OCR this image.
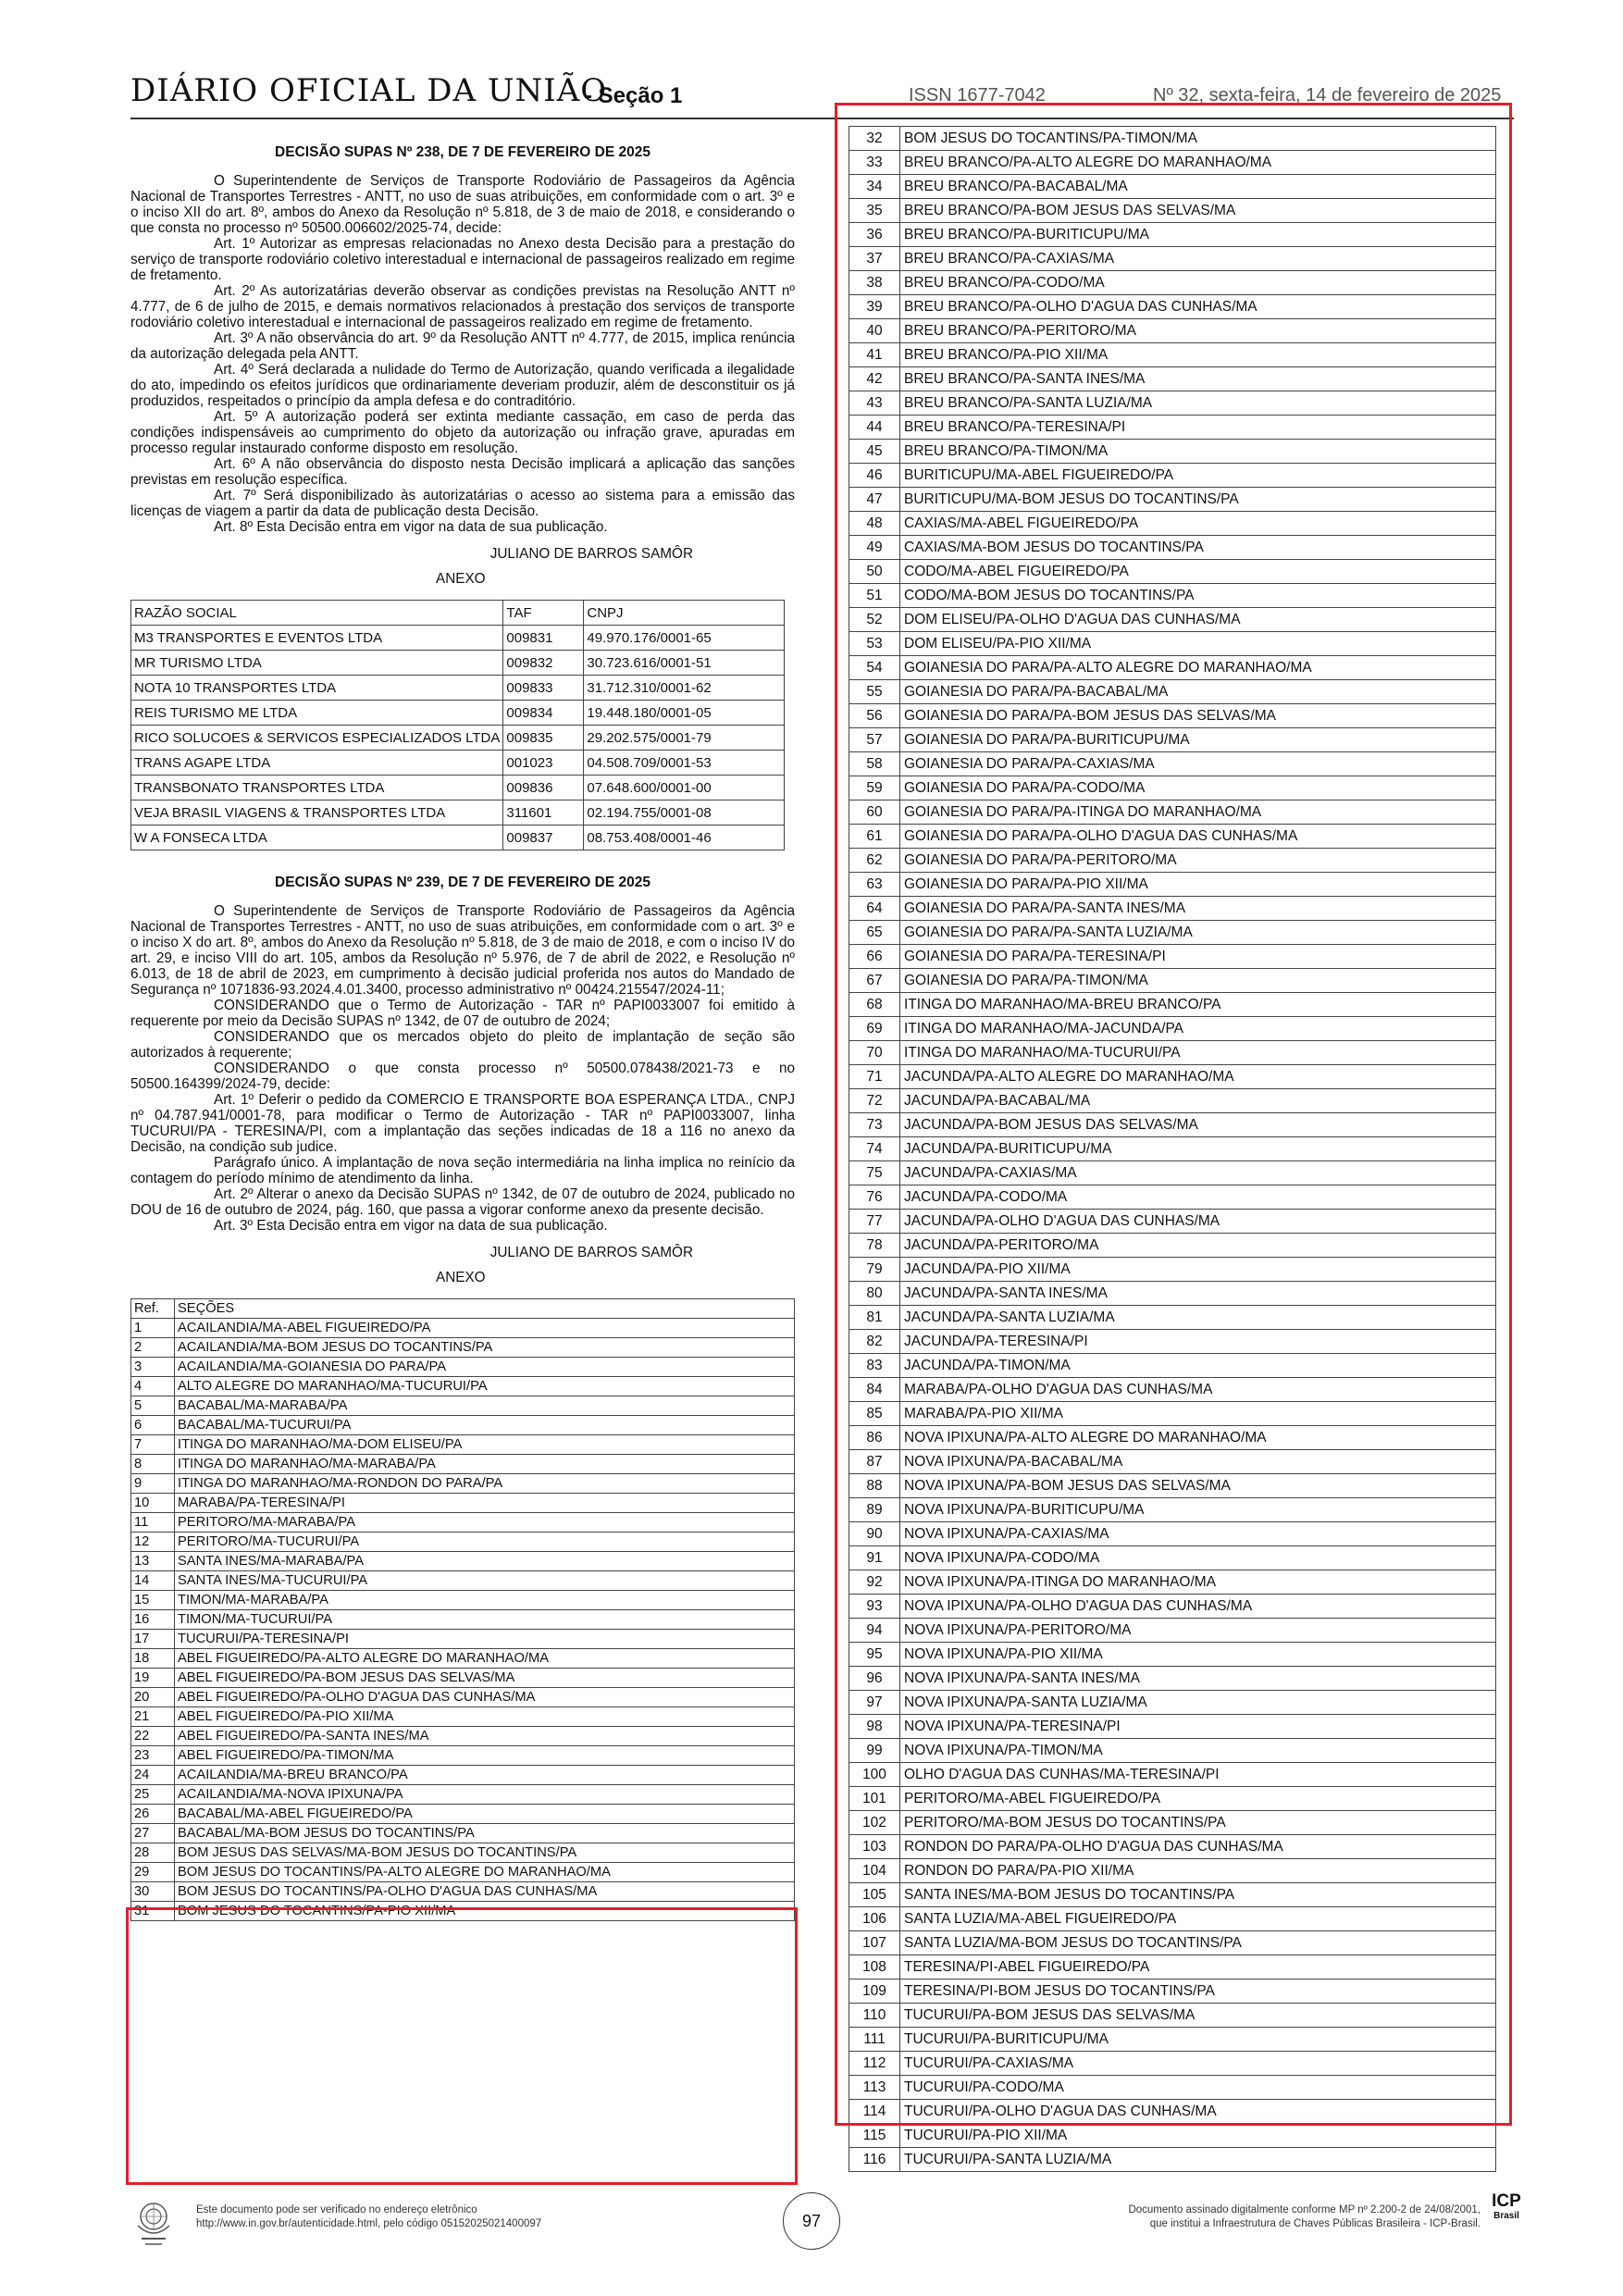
DIÁRIO OFICIAL DA UNIÃO
- Seção 1	ISSN 1677-7042	Nº 32, sexta-feira, 14 de fevereiro de 2025
DECISÃO SUPAS Nº 238, DE 7 DE FEVEREIRO DE 2025

O Superintendente de Serviços de Transporte Rodoviário de Passageiros da Agência Nacional de Transportes Terrestres - ANTT, no uso de suas atribuições, em conformidade com o art. 3º e o inciso XII do art. 8º, ambos do Anexo da Resolução nº 5.818, de 3 de maio de 2018, e considerando o que consta no processo nº 50500.006602/2025-74, decide:

Art. 1º Autorizar as empresas relacionadas no Anexo desta Decisão para a prestação do serviço de transporte rodoviário coletivo interestadual e internacional de passageiros realizado em regime de fretamento.

Art. 2º As autorizatárias deverão observar as condições previstas na Resolução ANTT nº 4.777, de 6 de julho de 2015, e demais normativos relacionados à prestação dos serviços de transporte rodoviário coletivo interestadual e internacional de passageiros realizado em regime de fretamento.

Art. 3º A não observância do art. 9º da Resolução ANTT nº 4.777, de 2015, implica renúncia da autorização delegada pela ANTT.

Art. 4º Será declarada a nulidade do Termo de Autorização, quando verificada a ilegalidade do ato, impedindo os efeitos jurídicos que ordinariamente deveriam produzir, além de desconstituir os já produzidos, respeitados o princípio da ampla defesa e do contraditório.

Art. 5º A autorização poderá ser extinta mediante cassação, em caso de perda das condições indispensáveis ao cumprimento do objeto da autorização ou infração grave, apuradas em processo regular instaurado conforme disposto em resolução.

Art. 6º A não observância do disposto nesta Decisão implicará a aplicação das sanções previstas em resolução específica.

Art. 7º Será disponibilizado às autorizatárias o acesso ao sistema para a emissão das licenças de viagem a partir da data de publicação desta Decisão.

Art. 8º Esta Decisão entra em vigor na data de sua publicação.

JULIANO DE BARROS SAMÔR
ANEXO
RAZÃO SOCIAL	TAF	CNPJ
M3 TRANSPORTES E EVENTOS LTDA	009831	49.970.176/0001-65
MR TURISMO LTDA	009832	30.723.616/0001-51
NOTA 10 TRANSPORTES LTDA	009833	31.712.310/0001-62
REIS TURISMO ME LTDA	009834	19.448.180/0001-05
RICO SOLUCOES & SERVICOS ESPECIALIZADOS LTDA	009835	29.202.575/0001-79
TRANS AGAPE LTDA	001023	04.508.709/0001-53
TRANSBONATO TRANSPORTES LTDA	009836	07.648.600/0001-00
VEJA BRASIL VIAGENS & TRANSPORTES LTDA	311601	02.194.755/0001-08
W A FONSECA LTDA	009837	08.753.408/0001-46
DECISÃO SUPAS Nº 239, DE 7 DE FEVEREIRO DE 2025

O Superintendente de Serviços de Transporte Rodoviário de Passageiros da Agência Nacional de Transportes Terrestres - ANTT, no uso de suas atribuições, em conformidade com o art. 3º e o inciso X do art. 8º, ambos do Anexo da Resolução nº 5.818, de 3 de maio de 2018, e com o inciso IV do art. 29, e inciso VIII do art. 105, ambos da Resolução nº 5.976, de 7 de abril de 2022, e Resolução nº 6.013, de 18 de abril de 2023, em cumprimento à decisão judicial proferida nos autos do Mandado de Segurança nº 1071836-93.2024.4.01.3400, processo administrativo nº 00424.215547/2024-11;

CONSIDERANDO que o Termo de Autorização - TAR nº PAPI0033007 foi emitido à requerente por meio da Decisão SUPAS nº 1342, de 07 de outubro de 2024;

CONSIDERANDO que os mercados objeto do pleito de implantação de seção são autorizados à requerente;

CONSIDERANDO o que consta processo nº 50500.078438/2021-73 e no 50500.164399/2024-79, decide:

Art. 1º Deferir o pedido da COMERCIO E TRANSPORTE BOA ESPERANÇA LTDA., CNPJ nº 04.787.941/0001-78, para modificar o Termo de Autorização - TAR nº PAPI0033007, linha TUCURUI/PA - TERESINA/PI, com a implantação das seções indicadas de 18 a 116 no anexo da Decisão, na condição sub judice.

Parágrafo único. A implantação de nova seção intermediária na linha implica no reinício da contagem do período mínimo de atendimento da linha.

Art. 2º Alterar o anexo da Decisão SUPAS nº 1342, de 07 de outubro de 2024, publicado no DOU de 16 de outubro de 2024, pág. 160, que passa a vigorar conforme anexo da presente decisão.

Art. 3º Esta Decisão entra em vigor na data de sua publicação.

JULIANO DE BARROS SAMÔR
ANEXO
Ref.	SEÇÕES
1	ACAILANDIA/MA-ABEL FIGUEIREDO/PA
2	ACAILANDIA/MA-BOM JESUS DO TOCANTINS/PA
3	ACAILANDIA/MA-GOIANESIA DO PARA/PA
4	ALTO ALEGRE DO MARANHAO/MA-TUCURUI/PA
5	BACABAL/MA-MARABA/PA
6	BACABAL/MA-TUCURUI/PA
7	ITINGA DO MARANHAO/MA-DOM ELISEU/PA
8	ITINGA DO MARANHAO/MA-MARABA/PA
9	ITINGA DO MARANHAO/MA-RONDON DO PARA/PA
10	MARABA/PA-TERESINA/PI
11	PERITORO/MA-MARABA/PA
12	PERITORO/MA-TUCURUI/PA
13	SANTA INES/MA-MARABA/PA
14	SANTA INES/MA-TUCURUI/PA
15	TIMON/MA-MARABA/PA
16	TIMON/MA-TUCURUI/PA
17	TUCURUI/PA-TERESINA/PI
18	ABEL FIGUEIREDO/PA-ALTO ALEGRE DO MARANHAO/MA
19	ABEL FIGUEIREDO/PA-BOM JESUS DAS SELVAS/MA
20	ABEL FIGUEIREDO/PA-OLHO D'AGUA DAS CUNHAS/MA
21	ABEL FIGUEIREDO/PA-PIO XII/MA
22	ABEL FIGUEIREDO/PA-SANTA INES/MA
23	ABEL FIGUEIREDO/PA-TIMON/MA
24	ACAILANDIA/MA-BREU BRANCO/PA
25	ACAILANDIA/MA-NOVA IPIXUNA/PA
26	BACABAL/MA-ABEL FIGUEIREDO/PA
27	BACABAL/MA-BOM JESUS DO TOCANTINS/PA
28	BOM JESUS DAS SELVAS/MA-BOM JESUS DO TOCANTINS/PA
29	BOM JESUS DO TOCANTINS/PA-ALTO ALEGRE DO MARANHAO/MA
30	BOM JESUS DO TOCANTINS/PA-OLHO D'AGUA DAS CUNHAS/MA
31	BOM JESUS DO TOCANTINS/PA-PIO XII/MA
32	BOM JESUS DO TOCANTINS/PA-TIMON/MA
33	BREU BRANCO/PA-ALTO ALEGRE DO MARANHAO/MA
34	BREU BRANCO/PA-BACABAL/MA
35	BREU BRANCO/PA-BOM JESUS DAS SELVAS/MA
36	BREU BRANCO/PA-BURITICUPU/MA
37	BREU BRANCO/PA-CAXIAS/MA
38	BREU BRANCO/PA-CODO/MA
39	BREU BRANCO/PA-OLHO D'AGUA DAS CUNHAS/MA
40	BREU BRANCO/PA-PERITORO/MA
41	BREU BRANCO/PA-PIO XII/MA
42	BREU BRANCO/PA-SANTA INES/MA
43	BREU BRANCO/PA-SANTA LUZIA/MA
44	BREU BRANCO/PA-TERESINA/PI
45	BREU BRANCO/PA-TIMON/MA
46	BURITICUPU/MA-ABEL FIGUEIREDO/PA
47	BURITICUPU/MA-BOM JESUS DO TOCANTINS/PA
48	CAXIAS/MA-ABEL FIGUEIREDO/PA
49	CAXIAS/MA-BOM JESUS DO TOCANTINS/PA
50	CODO/MA-ABEL FIGUEIREDO/PA
51	CODO/MA-BOM JESUS DO TOCANTINS/PA
52	DOM ELISEU/PA-OLHO D'AGUA DAS CUNHAS/MA
53	DOM ELISEU/PA-PIO XII/MA
54	GOIANESIA DO PARA/PA-ALTO ALEGRE DO MARANHAO/MA
55	GOIANESIA DO PARA/PA-BACABAL/MA
56	GOIANESIA DO PARA/PA-BOM JESUS DAS SELVAS/MA
57	GOIANESIA DO PARA/PA-BURITICUPU/MA
58	GOIANESIA DO PARA/PA-CAXIAS/MA
59	GOIANESIA DO PARA/PA-CODO/MA
60	GOIANESIA DO PARA/PA-ITINGA DO MARANHAO/MA
61	GOIANESIA DO PARA/PA-OLHO D'AGUA DAS CUNHAS/MA
62	GOIANESIA DO PARA/PA-PERITORO/MA
63	GOIANESIA DO PARA/PA-PIO XII/MA
64	GOIANESIA DO PARA/PA-SANTA INES/MA
65	GOIANESIA DO PARA/PA-SANTA LUZIA/MA
66	GOIANESIA DO PARA/PA-TERESINA/PI
67	GOIANESIA DO PARA/PA-TIMON/MA
68	ITINGA DO MARANHAO/MA-BREU BRANCO/PA
69	ITINGA DO MARANHAO/MA-JACUNDA/PA
70	ITINGA DO MARANHAO/MA-TUCURUI/PA
71	JACUNDA/PA-ALTO ALEGRE DO MARANHAO/MA
72	JACUNDA/PA-BACABAL/MA
73	JACUNDA/PA-BOM JESUS DAS SELVAS/MA
74	JACUNDA/PA-BURITICUPU/MA
75	JACUNDA/PA-CAXIAS/MA
76	JACUNDA/PA-CODO/MA
77	JACUNDA/PA-OLHO D'AGUA DAS CUNHAS/MA
78	JACUNDA/PA-PERITORO/MA
79	JACUNDA/PA-PIO XII/MA
80	JACUNDA/PA-SANTA INES/MA
81	JACUNDA/PA-SANTA LUZIA/MA
82	JACUNDA/PA-TERESINA/PI
83	JACUNDA/PA-TIMON/MA
84	MARABA/PA-OLHO D'AGUA DAS CUNHAS/MA
85	MARABA/PA-PIO XII/MA
86	NOVA IPIXUNA/PA-ALTO ALEGRE DO MARANHAO/MA
87	NOVA IPIXUNA/PA-BACABAL/MA
88	NOVA IPIXUNA/PA-BOM JESUS DAS SELVAS/MA
89	NOVA IPIXUNA/PA-BURITICUPU/MA
90	NOVA IPIXUNA/PA-CAXIAS/MA
91	NOVA IPIXUNA/PA-CODO/MA
92	NOVA IPIXUNA/PA-ITINGA DO MARANHAO/MA
93	NOVA IPIXUNA/PA-OLHO D'AGUA DAS CUNHAS/MA
94	NOVA IPIXUNA/PA-PERITORO/MA
95	NOVA IPIXUNA/PA-PIO XII/MA
96	NOVA IPIXUNA/PA-SANTA INES/MA
97	NOVA IPIXUNA/PA-SANTA LUZIA/MA
98	NOVA IPIXUNA/PA-TERESINA/PI
99	NOVA IPIXUNA/PA-TIMON/MA
100	OLHO D'AGUA DAS CUNHAS/MA-TERESINA/PI
101	PERITORO/MA-ABEL FIGUEIREDO/PA
102	PERITORO/MA-BOM JESUS DO TOCANTINS/PA
103	RONDON DO PARA/PA-OLHO D'AGUA DAS CUNHAS/MA
104	RONDON DO PARA/PA-PIO XII/MA
105	SANTA INES/MA-BOM JESUS DO TOCANTINS/PA
106	SANTA LUZIA/MA-ABEL FIGUEIREDO/PA
107	SANTA LUZIA/MA-BOM JESUS DO TOCANTINS/PA
108	TERESINA/PI-ABEL FIGUEIREDO/PA
109	TERESINA/PI-BOM JESUS DO TOCANTINS/PA
110	TUCURUI/PA-BOM JESUS DAS SELVAS/MA
111	TUCURUI/PA-BURITICUPU/MA
112	TUCURUI/PA-CAXIAS/MA
113	TUCURUI/PA-CODO/MA
114	TUCURUI/PA-OLHO D'AGUA DAS CUNHAS/MA
115	TUCURUI/PA-PIO XII/MA
116	TUCURUI/PA-SANTA LUZIA/MA
Este documento pode ser verificado no endereço eletrônico
http://www.in.gov.br/autenticidade.html, pelo código 05152025021400097	97
Documento assinado digitalmente conforme MP nº 2.200-2 de 24/08/2001,
que institui a Infraestrutura de Chaves Públicas Brasileira - ICP-Brasil.
ICP
Brasil
